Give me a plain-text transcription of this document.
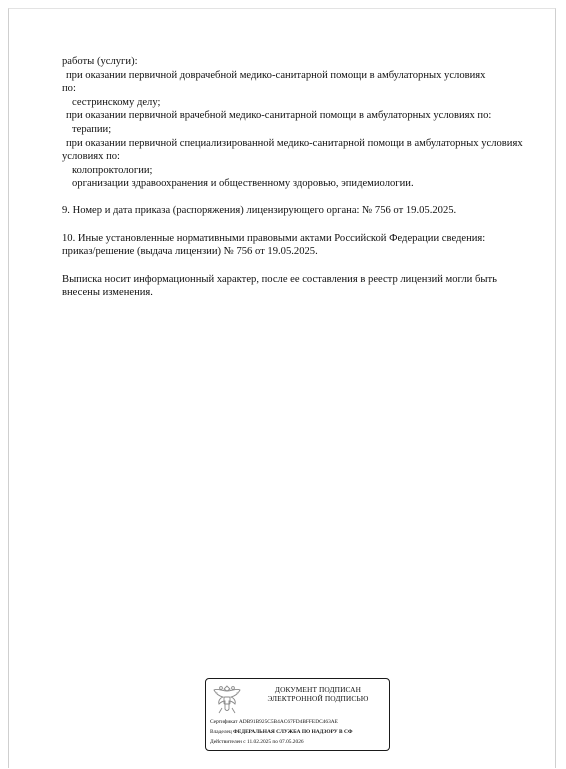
работы (услуги):
при оказании первичной доврачебной медико-санитарной помощи в амбулаторных условиях
по:
сестринскому делу;
при оказании первичной врачебной медико-санитарной помощи в амбулаторных условиях по:
терапии;
при оказании первичной специализированной медико-санитарной помощи в амбулаторных условиях
условиях по:
колопроктологии;
организации здравоохранения и общественному здоровью, эпидемиологии.
9. Номер и дата приказа (распоряжения) лицензирующего органа: № 756 от 19.05.2025.
10. Иные установленные нормативными правовыми актами Российской Федерации сведения:
приказ/решение (выдача лицензии) № 756 от 19.05.2025.
Выписка носит информационный характер, после ее составления в реестр лицензий могли быть
внесены изменения.
ДОКУМЕНТ ПОДПИСАН
ЭЛЕКТРОННОЙ ПОДПИСЬЮ
Сертификат ADB91B925C5B4AC67FD4BFFEDC463AE
Владелец ФЕДЕРАЛЬНАЯ СЛУЖБА ПО НАДЗОРУ В СФ
Действителен с 11.02.2025 по 07.05.2026
